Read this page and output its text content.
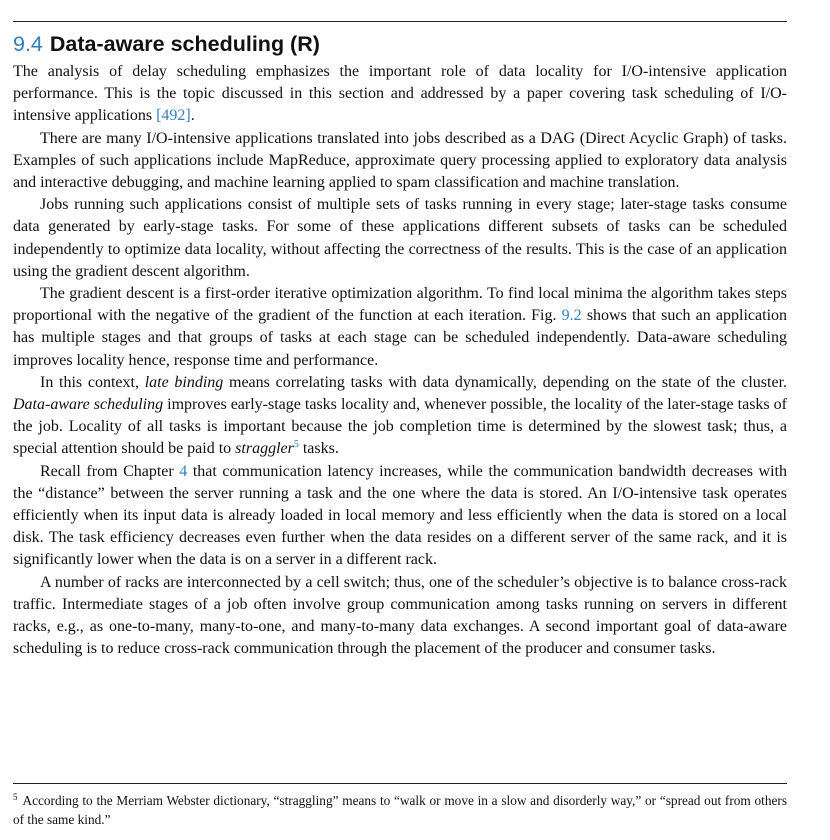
9.4 Data-aware scheduling (R)

The analysis of delay scheduling emphasizes the important role of data locality for I/O-intensive application performance. This is the topic discussed in this section and addressed by a paper covering task scheduling of I/O-intensive applications [492].

There are many I/O-intensive applications translated into jobs described as a DAG (Direct Acyclic Graph) of tasks. Examples of such applications include MapReduce, approximate query processing applied to exploratory data analysis and interactive debugging, and machine learning applied to spam classification and machine translation.

Jobs running such applications consist of multiple sets of tasks running in every stage; later-stage tasks consume data generated by early-stage tasks. For some of these applications different subsets of tasks can be scheduled independently to optimize data locality, without affecting the correctness of the results. This is the case of an application using the gradient descent algorithm.

The gradient descent is a first-order iterative optimization algorithm. To find local minima the algorithm takes steps proportional with the negative of the gradient of the function at each iteration. Fig. 9.2 shows that such an application has multiple stages and that groups of tasks at each stage can be scheduled independently. Data-aware scheduling improves locality hence, response time and performance.

In this context, late binding means correlating tasks with data dynamically, depending on the state of the cluster. Data-aware scheduling improves early-stage tasks locality and, whenever possible, the locality of the later-stage tasks of the job. Locality of all tasks is important because the job completion time is determined by the slowest task; thus, a special attention should be paid to straggler$^5$ tasks.

Recall from Chapter 4 that communication latency increases, while the communication bandwidth decreases with the “distance” between the server running a task and the one where the data is stored. An I/O-intensive task operates efficiently when its input data is already loaded in local memory and less efficiently when the data is stored on a local disk. The task efficiency decreases even further when the data resides on a different server of the same rack, and it is significantly lower when the data is on a server in a different rack.

A number of racks are interconnected by a cell switch; thus, one of the scheduler’s objective is to balance cross-rack traffic. Intermediate stages of a job often involve group communication among tasks running on servers in different racks, e.g., as one-to-many, many-to-one, and many-to-many data exchanges. A second important goal of data-aware scheduling is to reduce cross-rack communication through the placement of the producer and consumer tasks.

$^5$ According to the Merriam Webster dictionary, “straggling” means to “walk or move in a slow and disorderly way,” or “spread out from others of the same kind.”
